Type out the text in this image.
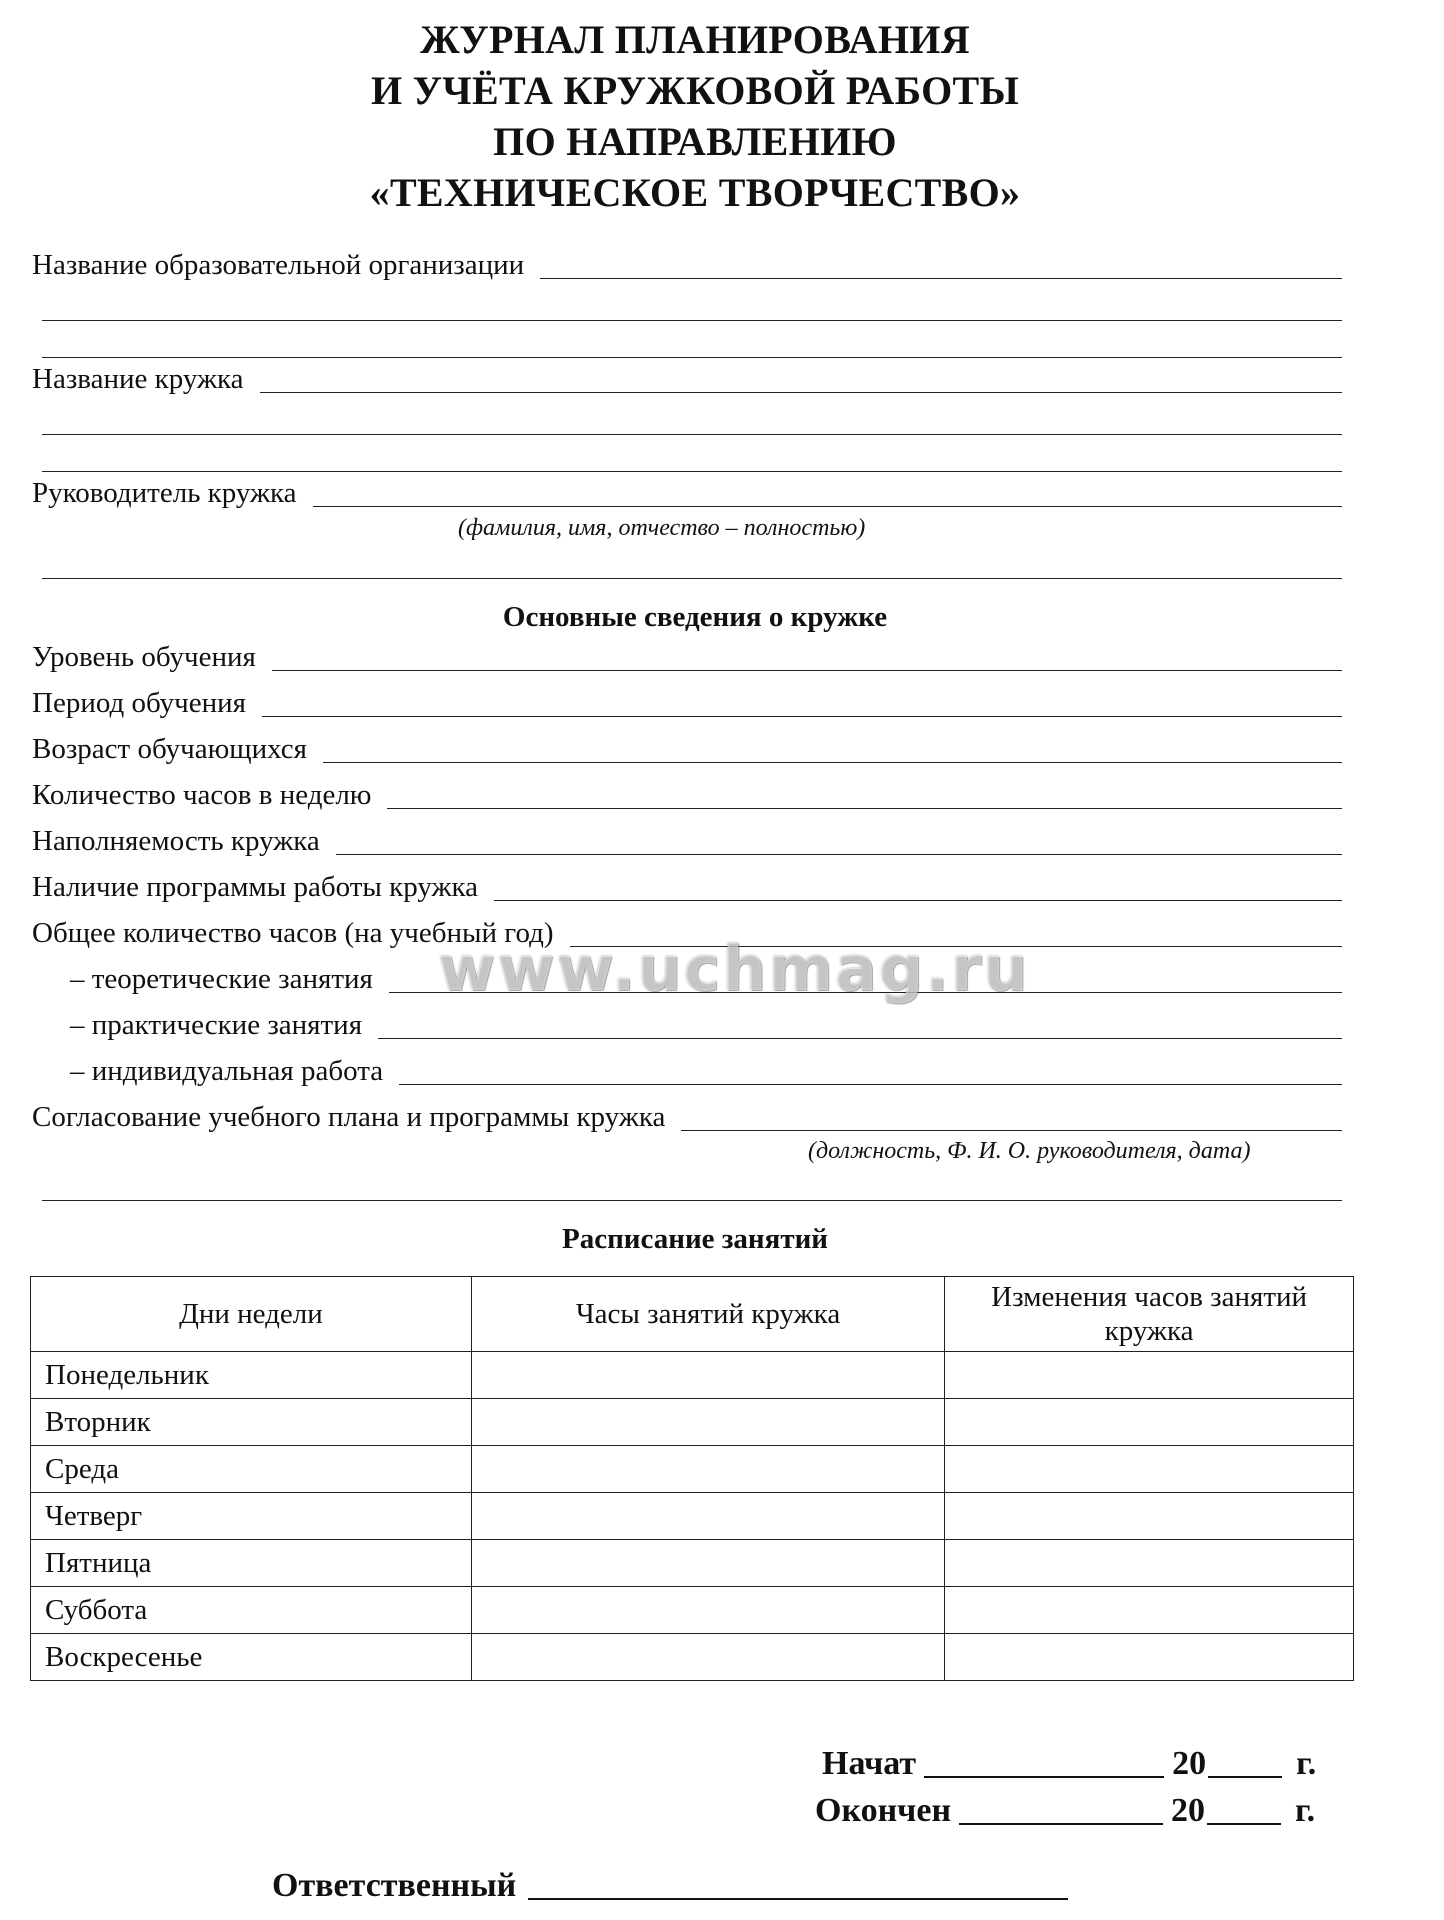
ЖУРНАЛ ПЛАНИРОВАНИЯ
И УЧЁТА КРУЖКОВОЙ РАБОТЫ
ПО НАПРАВЛЕНИЮ
«ТЕХНИЧЕСКОЕ ТВОРЧЕСТВО»
Название образовательной организации
Название кружка
Руководитель кружка
(фамилия, имя, отчество – полностью)
Основные сведения о кружке
Уровень обучения
Период обучения
Возраст обучающихся
Количество часов в неделю
Наполняемость кружка
Наличие программы работы кружка
Общее количество часов (на учебный год)
– теоретические занятия
– практические занятия
– индивидуальная работа
Согласование учебного плана и программы кружка
(должность, Ф. И. О. руководителя, дата)
www.uchmag.ru
Расписание занятий
Дни недели	Часы занятий кружка	Изменения часов занятий кружка
Понедельник		
Вторник		
Среда		
Четверг		
Пятница		
Суббота		
Воскресенье		
Начат	20	г.
Окончен	20	г.
Ответственный
